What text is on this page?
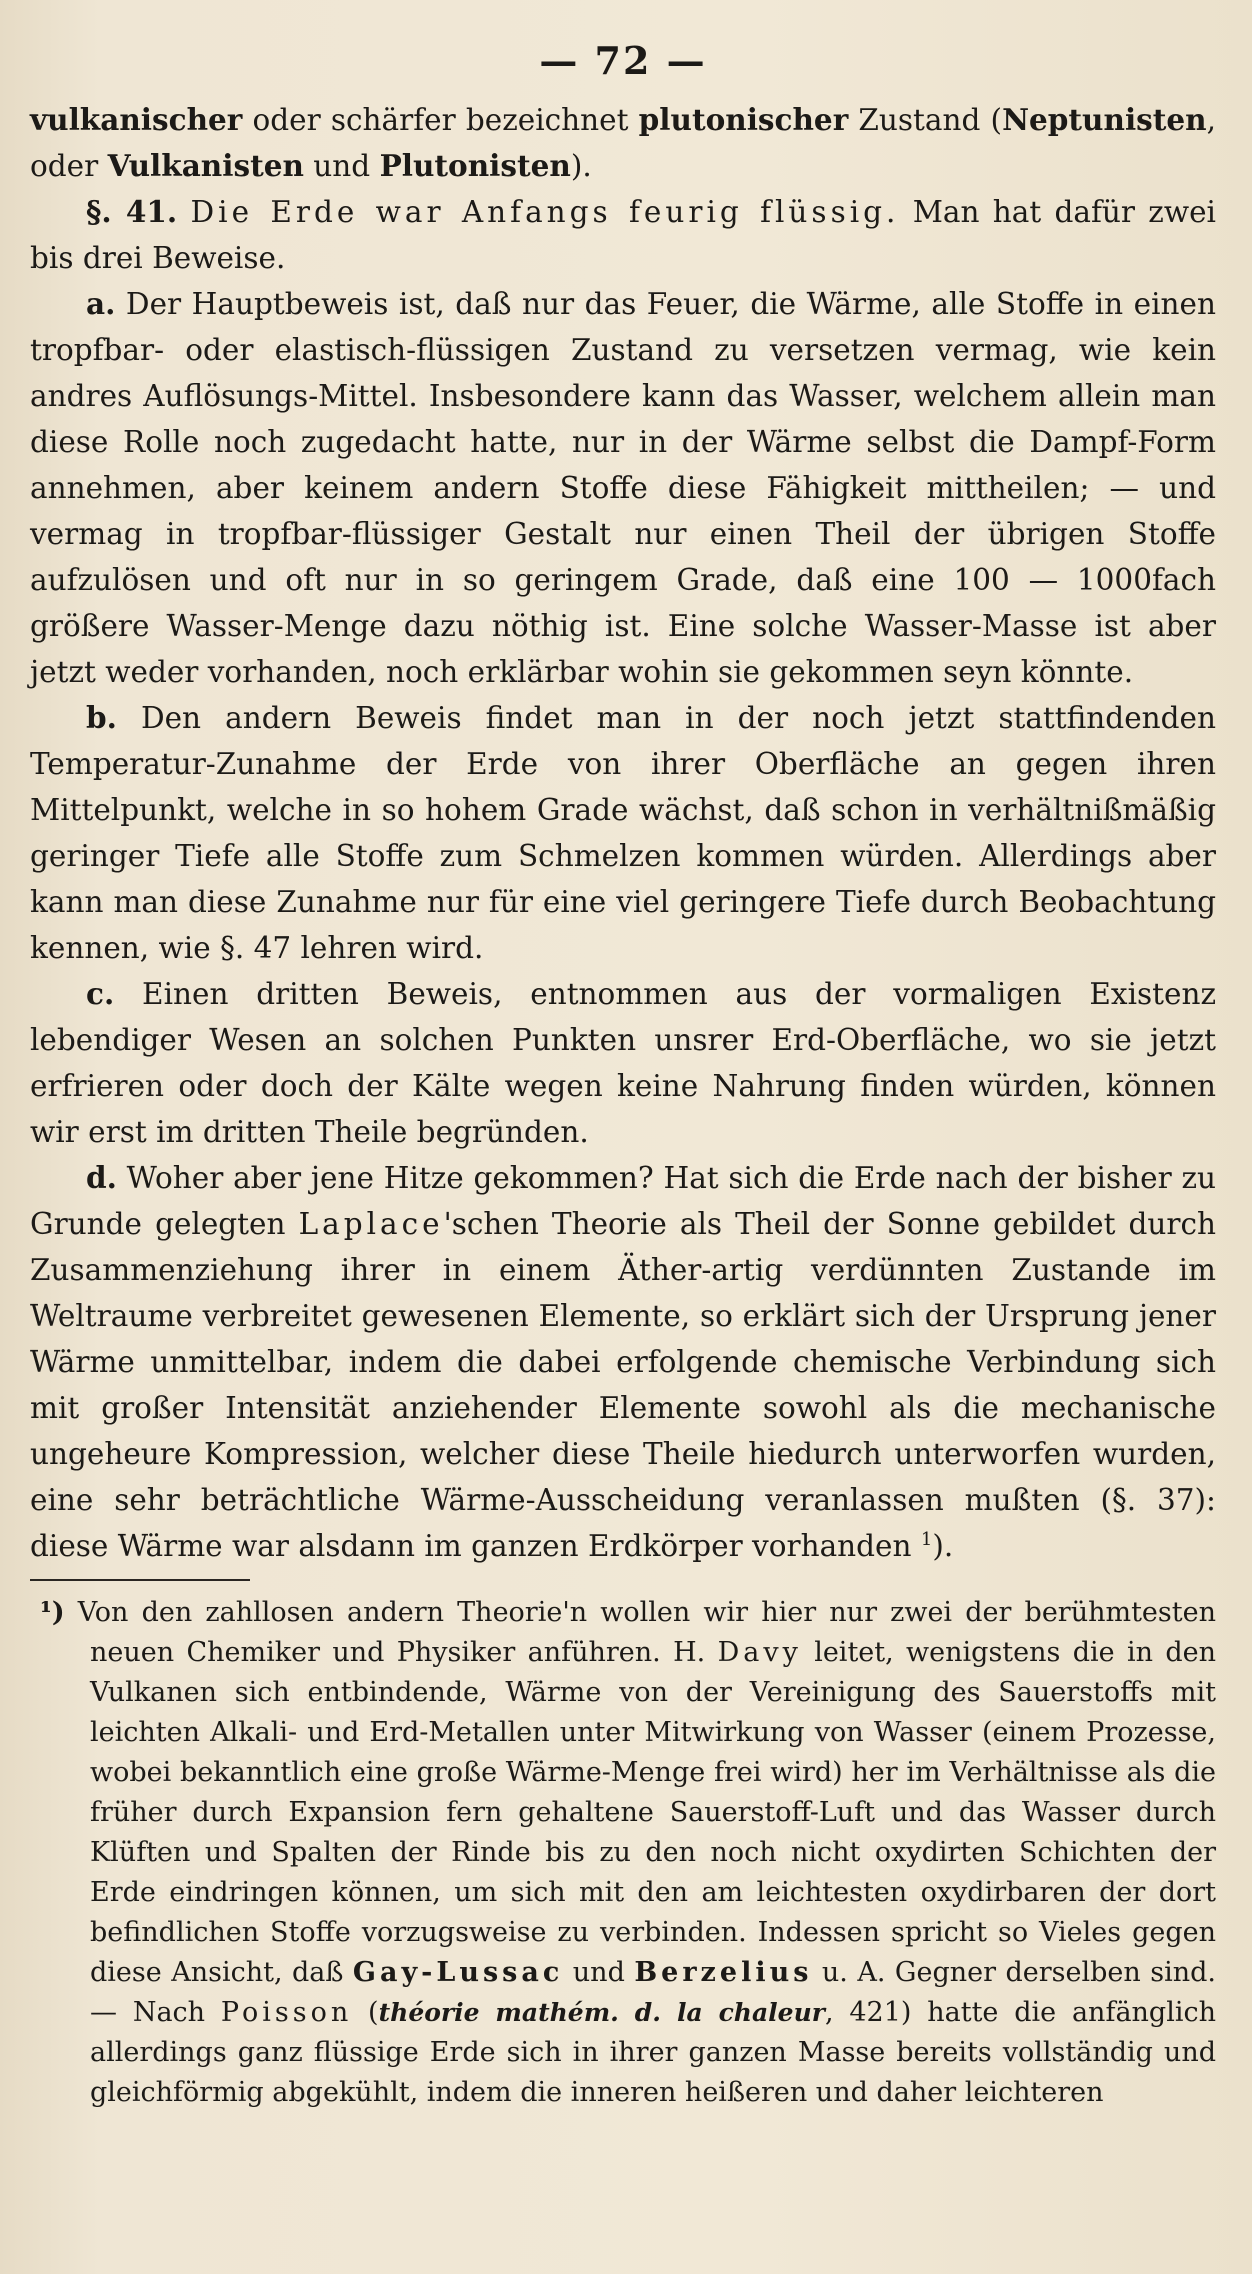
— 72 —

vulkanischer oder schärfer bezeichnet plutonischer Zustand (Neptunisten, oder Vulkanisten und Plutonisten).

§. 41. Die Erde war Anfangs feurig flüssig. Man hat dafür zwei bis drei Beweise.

a. Der Hauptbeweis ist, daß nur das Feuer, die Wärme, alle Stoffe in einen tropfbar- oder elastisch-flüssigen Zustand zu versetzen vermag, wie kein andres Auflösungs-Mittel. Insbesondere kann das Wasser, welchem allein man diese Rolle noch zugedacht hatte, nur in der Wärme selbst die Dampf-Form annehmen, aber keinem andern Stoffe diese Fähigkeit mittheilen; — und vermag in tropfbar-flüssiger Gestalt nur einen Theil der übrigen Stoffe aufzulösen und oft nur in so geringem Grade, daß eine 100 — 1000fach größere Wasser-Menge dazu nöthig ist. Eine solche Wasser-Masse ist aber jetzt weder vorhanden, noch erklärbar wohin sie gekommen seyn könnte.

b. Den andern Beweis findet man in der noch jetzt stattfindenden Temperatur-Zunahme der Erde von ihrer Oberfläche an gegen ihren Mittelpunkt, welche in so hohem Grade wächst, daß schon in verhältnißmäßig geringer Tiefe alle Stoffe zum Schmelzen kommen würden. Allerdings aber kann man diese Zunahme nur für eine viel geringere Tiefe durch Beobachtung kennen, wie §. 47 lehren wird.

c. Einen dritten Beweis, entnommen aus der vormaligen Existenz lebendiger Wesen an solchen Punkten unsrer Erd-Oberfläche, wo sie jetzt erfrieren oder doch der Kälte wegen keine Nahrung finden würden, können wir erst im dritten Theile begründen.

d. Woher aber jene Hitze gekommen? Hat sich die Erde nach der bisher zu Grunde gelegten Laplace'schen Theorie als Theil der Sonne gebildet durch Zusammenziehung ihrer in einem Äther-artig verdünnten Zustande im Weltraume verbreitet gewesenen Elemente, so erklärt sich der Ursprung jener Wärme unmittelbar, indem die dabei erfolgende chemische Verbindung sich mit großer Intensität anziehender Elemente sowohl als die mechanische ungeheure Kompression, welcher diese Theile hiedurch unterworfen wurden, eine sehr beträchtliche Wärme-Ausscheidung veranlassen mußten (§. 37): diese Wärme war alsdann im ganzen Erdkörper vorhanden $^1$).

¹) Von den zahllosen andern Theorie'n wollen wir hier nur zwei der berühmtesten neuen Chemiker und Physiker anführen. H. Davy leitet, wenigstens die in den Vulkanen sich entbindende, Wärme von der Vereinigung des Sauerstoffs mit leichten Alkali- und Erd-Metallen unter Mitwirkung von Wasser (einem Prozesse, wobei bekanntlich eine große Wärme-Menge frei wird) her im Verhältnisse als die früher durch Expansion fern gehaltene Sauerstoff-Luft und das Wasser durch Klüften und Spalten der Rinde bis zu den noch nicht oxydirten Schichten der Erde eindringen können, um sich mit den am leichtesten oxydirbaren der dort befindlichen Stoffe vorzugsweise zu verbinden. Indessen spricht so Vieles gegen diese Ansicht, daß Gay-Lussac und Berzelius u. A. Gegner derselben sind. — Nach Poisson (théorie mathém. d. la chaleur, 421) hatte die anfänglich allerdings ganz flüssige Erde sich in ihrer ganzen Masse bereits vollständig und gleichförmig abgekühlt, indem die inneren heißeren und daher leichteren
